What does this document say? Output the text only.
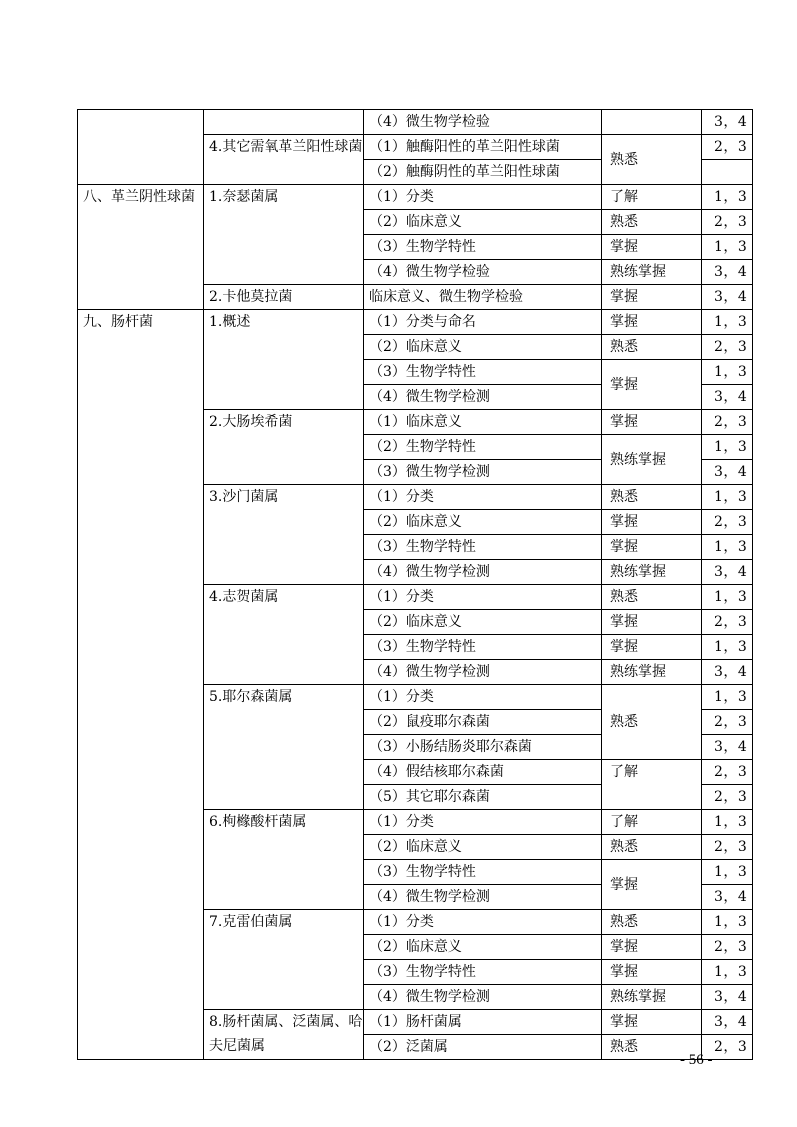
		（4）微生物学检验		3，4
	4.其它需氧革兰阳性球菌	（1）触酶阳性的革兰阳性球菌	熟悉	2，3
		（2）触酶阴性的革兰阳性球菌		
八、革兰阴性球菌	1.奈瑟菌属	（1）分类	了解	1，3
		（2）临床意义	熟悉	2，3
		（3）生物学特性	掌握	1，3
		（4）微生物学检验	熟练掌握	3，4
	2.卡他莫拉菌	临床意义、微生物学检验	掌握	3，4
九、肠杆菌	1.概述	（1）分类与命名	掌握	1，3
		（2）临床意义	熟悉	2，3
		（3）生物学特性	掌握	1，3
		（4）微生物学检测		3，4
	2.大肠埃希菌	（1）临床意义	掌握	2，3
		（2）生物学特性	熟练掌握	1，3
		（3）微生物学检测		3，4
	3.沙门菌属	（1）分类	熟悉	1，3
		（2）临床意义	掌握	2，3
		（3）生物学特性	掌握	1，3
		（4）微生物学检测	熟练掌握	3，4
	4.志贺菌属	（1）分类	熟悉	1，3
		（2）临床意义	掌握	2，3
		（3）生物学特性	掌握	1，3
		（4）微生物学检测	熟练掌握	3，4
	5.耶尔森菌属	（1）分类	熟悉	1，3
		（2）鼠疫耶尔森菌		2，3
		（3）小肠结肠炎耶尔森菌		3，4
		（4）假结核耶尔森菌	了解	2，3
		（5）其它耶尔森菌		2，3
	6.枸橼酸杆菌属	（1）分类	了解	1，3
		（2）临床意义	熟悉	2，3
		（3）生物学特性	掌握	1，3
		（4）微生物学检测		3，4
	7.克雷伯菌属	（1）分类	熟悉	1，3
		（2）临床意义	掌握	2，3
		（3）生物学特性	掌握	1，3
		（4）微生物学检测	熟练掌握	3，4
	8.肠杆菌属、泛菌属、哈夫尼菌属	（1）肠杆菌属	掌握	3，4
		（2）泛菌属	熟悉	2，3
- 56 -
